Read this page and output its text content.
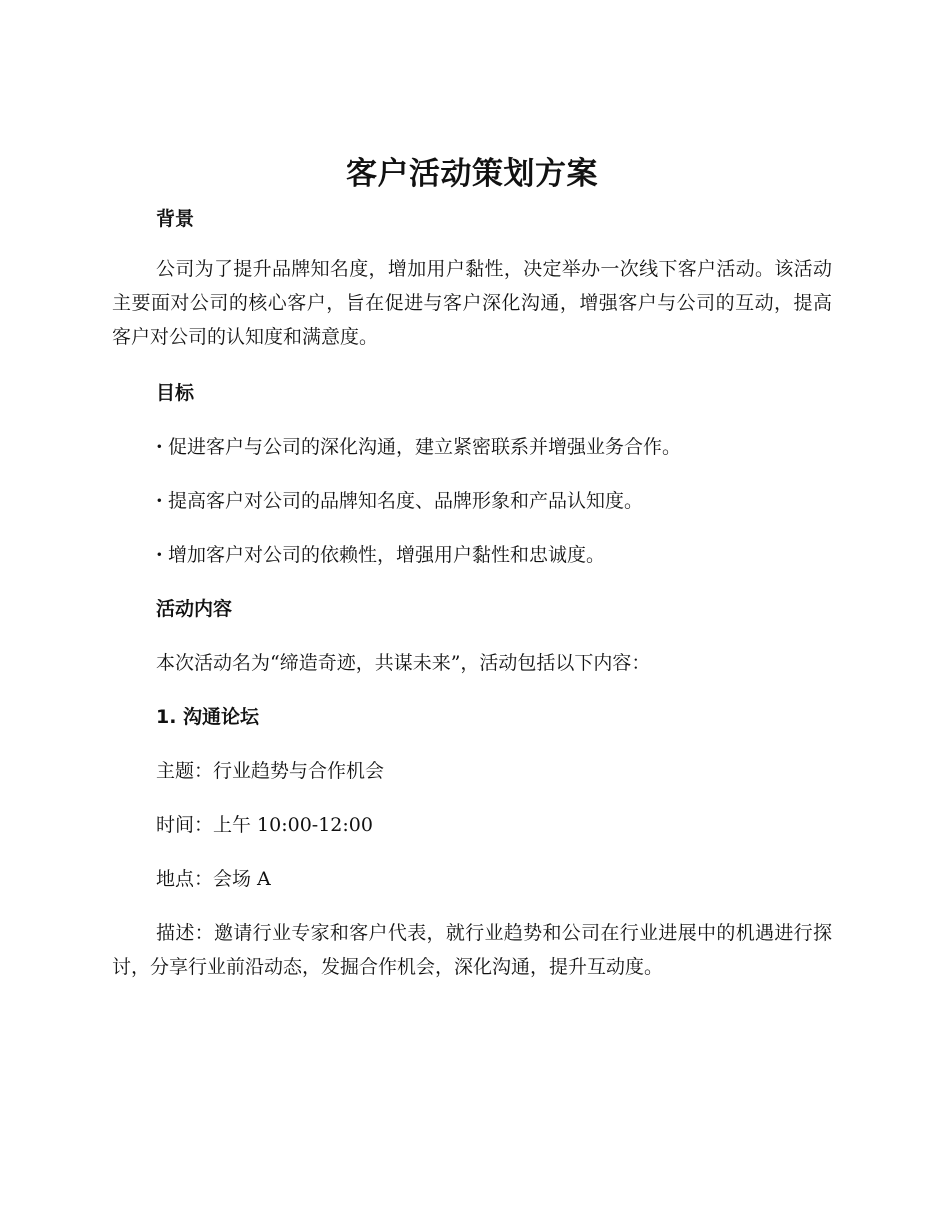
客户活动策划方案
背景

公司为了提升品牌知名度，增加用户黏性，决定举办一次线下客户活动。该活动主要面对公司的核心客户，旨在促进与客户深化沟通，增强客户与公司的互动，提高客户对公司的认知度和满意度。

目标

· 促进客户与公司的深化沟通，建立紧密联系并增强业务合作。

· 提高客户对公司的品牌知名度、品牌形象和产品认知度。

· 增加客户对公司的依赖性，增强用户黏性和忠诚度。

活动内容

本次活动名为“缔造奇迹，共谋未来”，活动包括以下内容：

1. 沟通论坛

主题：行业趋势与合作机会

时间：上午 10:00-12:00

地点：会场 A

描述：邀请行业专家和客户代表，就行业趋势和公司在行业进展中的机遇进行探讨，分享行业前沿动态，发掘合作机会，深化沟通，提升互动度。
